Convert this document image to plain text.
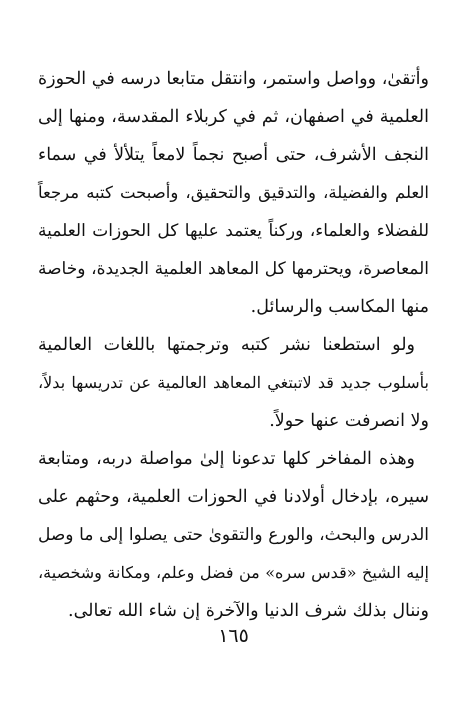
وأتقىٰ، وواصل واستمر، وانتقل متابعا درسه في الحوزة
العلمية في اصفهان، ثم في كربلاء المقدسة، ومنها إلى
النجف الأشرف، حتى أصبح نجماً لامعاً يتلألأ في سماء
العلم والفضيلة، والتدقيق والتحقيق، وأصبحت كتبه مرجعاً
للفضلاء والعلماء، وركناً يعتمد عليها كل الحوزات العلمية
المعاصرة، ويحترمها كل المعاهد العلمية الجديدة، وخاصة
منها المكاسب والرسائل.
ولو استطعنا نشر كتبه وترجمتها باللغات العالمية
بأسلوب جديد قد لاتبتغي المعاهد العالمية عن تدريسها بدلاً،
ولا انصرفت عنها حولاً.
وهذه المفاخر كلها تدعونا إلىٰ مواصلة دربه، ومتابعة
سيره، بإدخال أولادنا في الحوزات العلمية، وحثهم على
الدرس والبحث، والورع والتقوىٰ حتى يصلوا إلى ما وصل
إليه الشيخ «قدس سره» من فضل وعلم، ومكانة وشخصية،
وننال بذلك شرف الدنيا والآخرة إن شاء الله تعالى.
١٦٥
